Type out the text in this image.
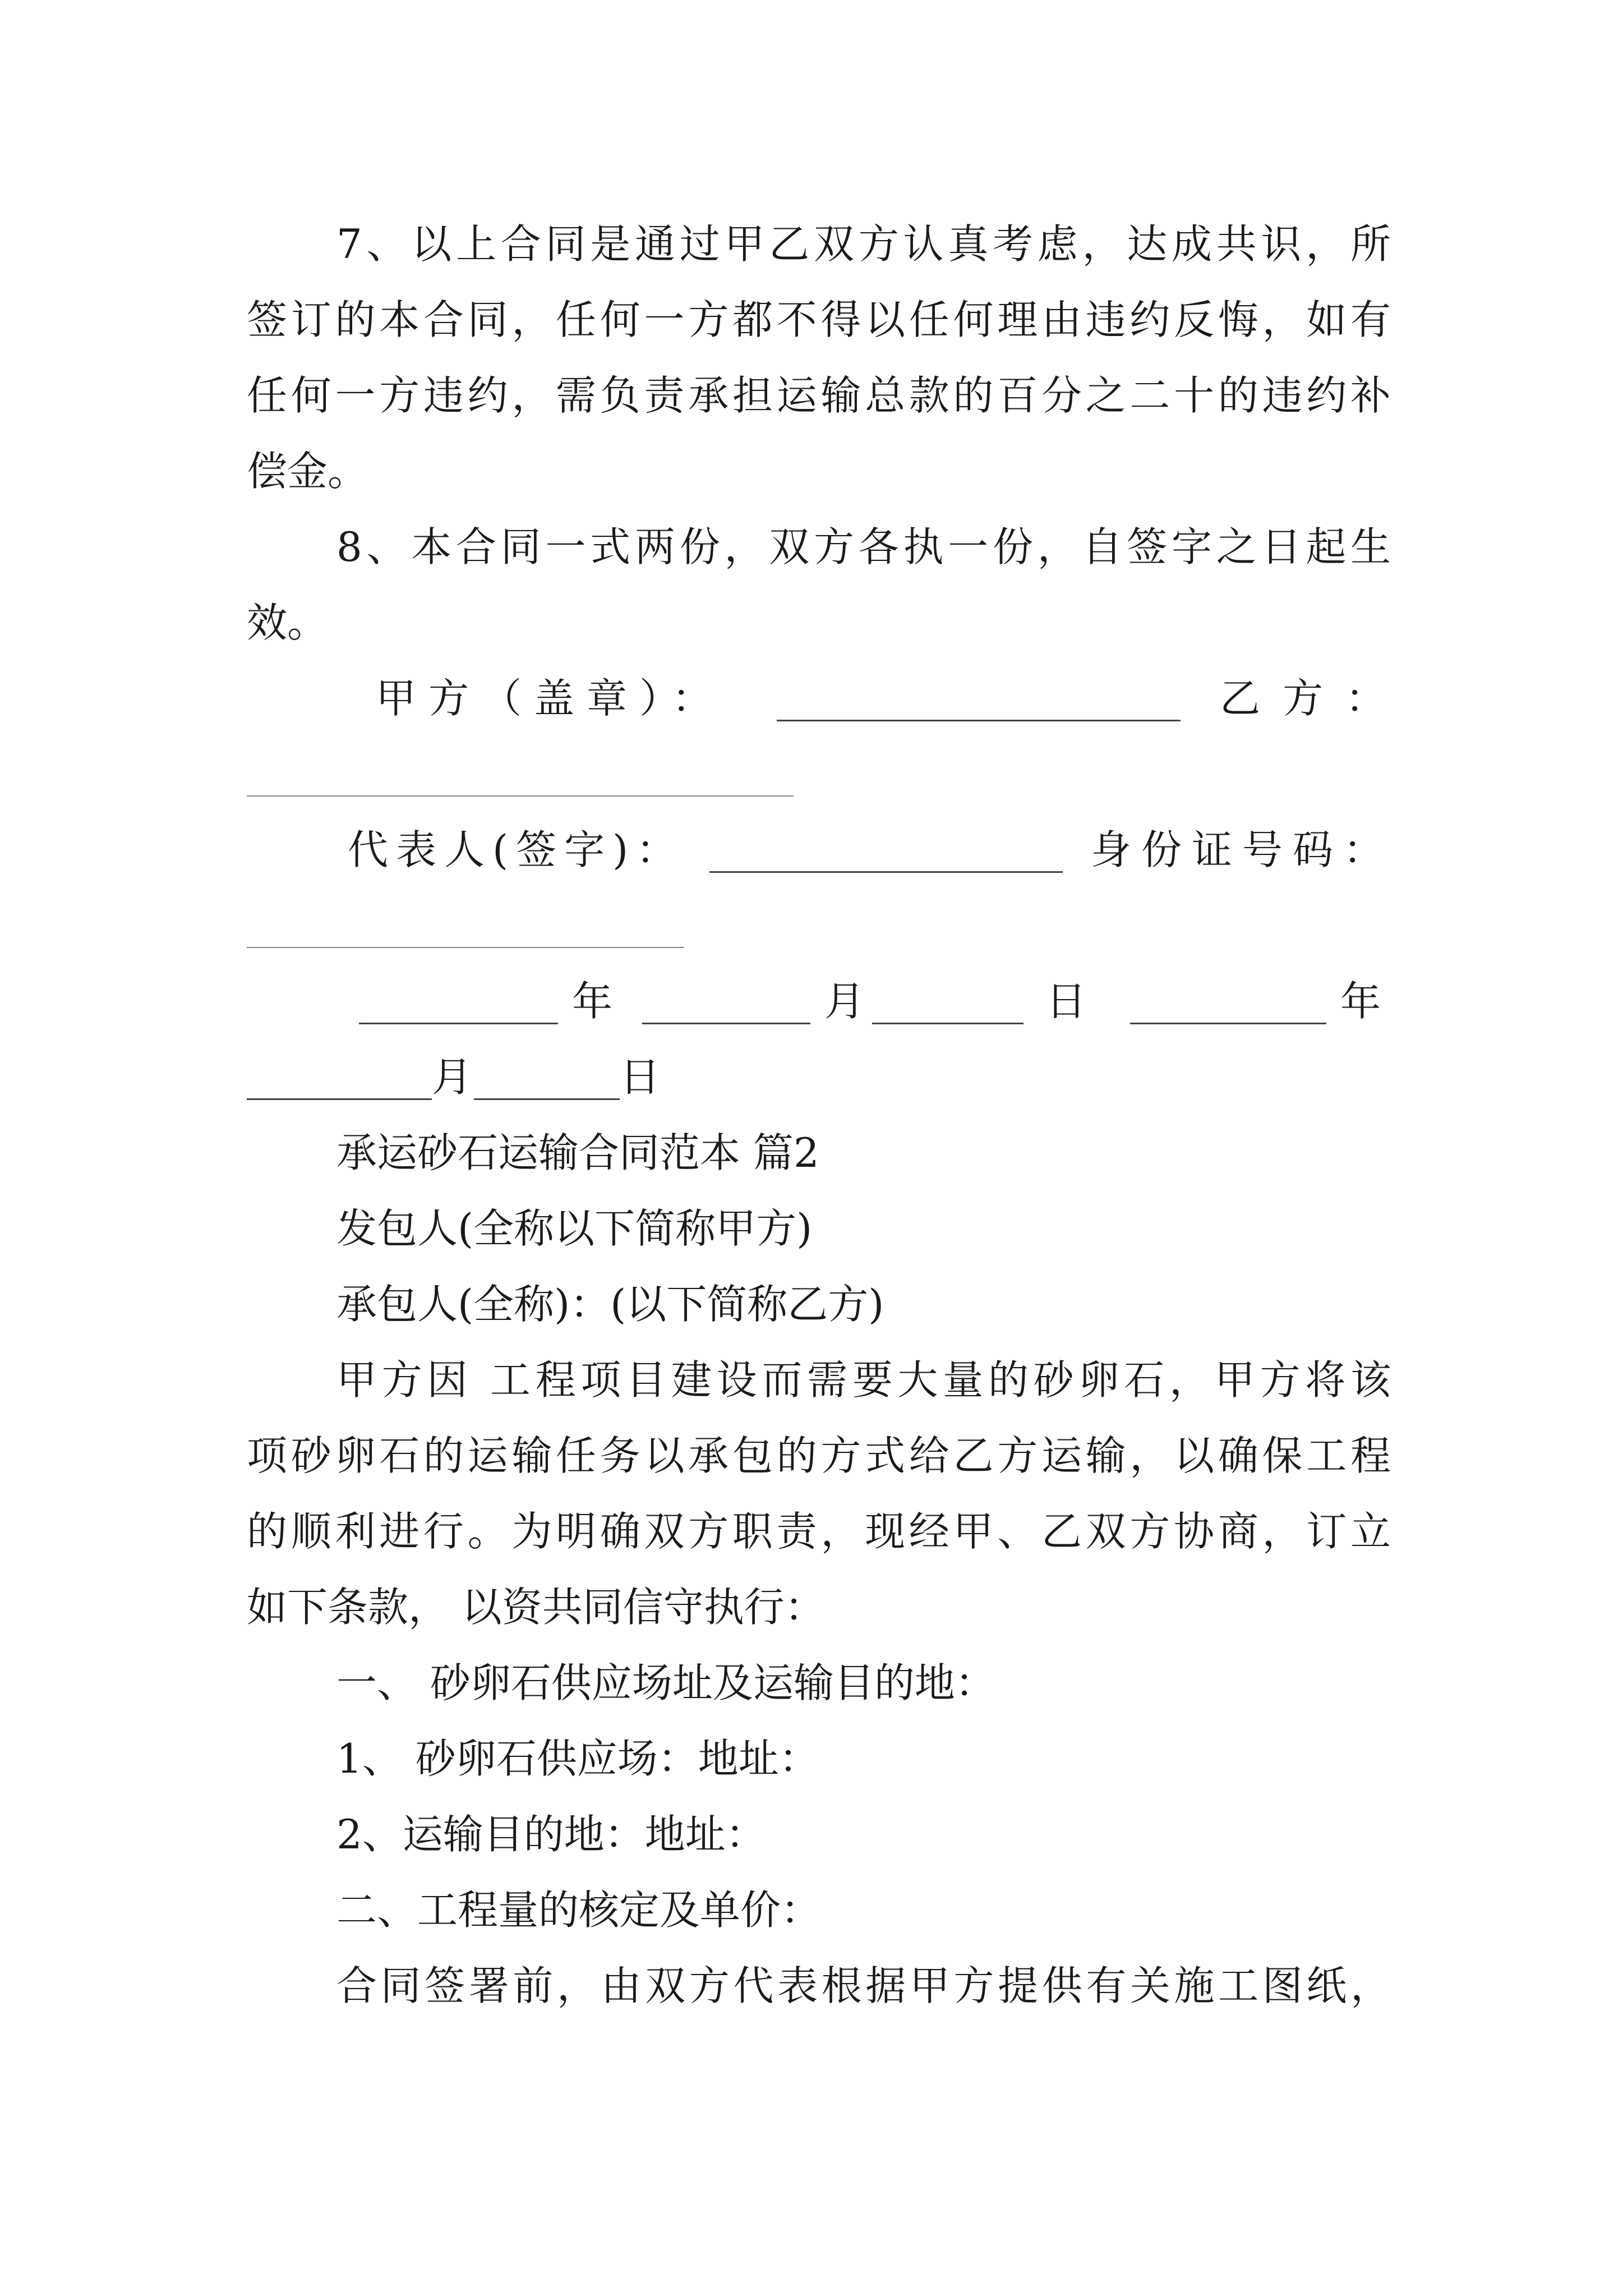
7、以上合同是通过甲乙双方认真考虑，达成共识，所
签订的本合同，任何一方都不得以任何理由违约反悔，如有
任何一方违约，需负责承担运输总款的百分之二十的违约补
偿金。
8、本合同一式两份，双方各执一份，自签字之日起生
效。
甲方（盖章）：	乙方：
代表人(签字)：	身份证号码：
年	月	日	年
月	日
承运砂石运输合同范本 篇2
发包人(全称以下简称甲方)
承包人(全称)：(以下简称乙方)
甲方因 工程项目建设而需要大量的砂卵石，甲方将该
项砂卵石的运输任务以承包的方式给乙方运输，以确保工程
的顺利进行。为明确双方职责，现经甲、乙双方协商，订立
如下条款， 以资共同信守执行：
一、 砂卵石供应场址及运输目的地：
1、 砂卵石供应场：地址：
2、运输目的地：地址：
二、工程量的核定及单价：
合同签署前，由双方代表根据甲方提供有关施工图纸，
